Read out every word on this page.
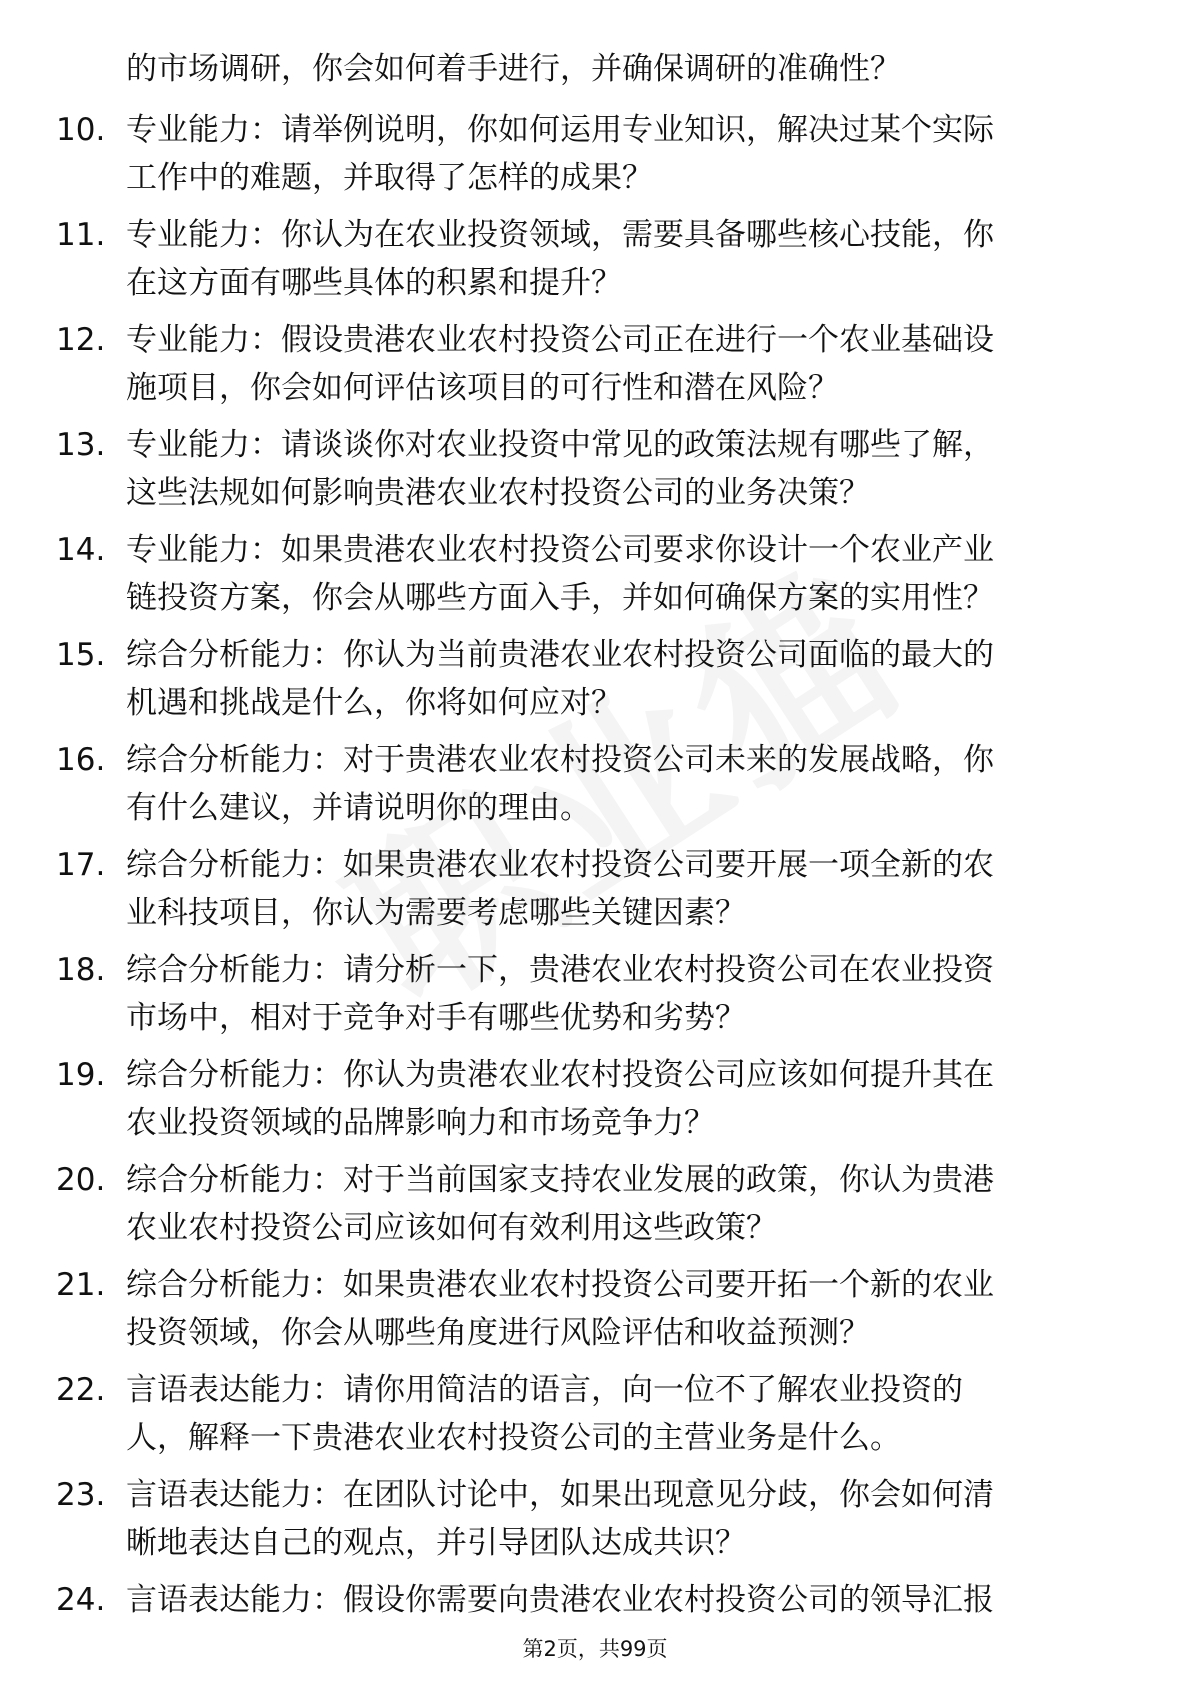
的市场调研，你会如何着手进行，并确保调研的准确性？
10. 专业能力：请举例说明，你如何运用专业知识，解决过某个实际
工作中的难题，并取得了怎样的成果？
11. 专业能力：你认为在农业投资领域，需要具备哪些核心技能，你
在这方面有哪些具体的积累和提升？
12. 专业能力：假设贵港农业农村投资公司正在进行一个农业基础设
施项目，你会如何评估该项目的可行性和潜在风险？
13. 专业能力：请谈谈你对农业投资中常见的政策法规有哪些了解，
这些法规如何影响贵港农业农村投资公司的业务决策？
14. 专业能力：如果贵港农业农村投资公司要求你设计一个农业产业
链投资方案，你会从哪些方面入手，并如何确保方案的实用性？
15. 综合分析能力：你认为当前贵港农业农村投资公司面临的最大的
机遇和挑战是什么，你将如何应对？
16. 综合分析能力：对于贵港农业农村投资公司未来的发展战略，你
有什么建议，并请说明你的理由。
17. 综合分析能力：如果贵港农业农村投资公司要开展一项全新的农
业科技项目，你认为需要考虑哪些关键因素？
18. 综合分析能力：请分析一下，贵港农业农村投资公司在农业投资
市场中，相对于竞争对手有哪些优势和劣势？
19. 综合分析能力：你认为贵港农业农村投资公司应该如何提升其在
农业投资领域的品牌影响力和市场竞争力？
20. 综合分析能力：对于当前国家支持农业发展的政策，你认为贵港
农业农村投资公司应该如何有效利用这些政策？
21. 综合分析能力：如果贵港农业农村投资公司要开拓一个新的农业
投资领域，你会从哪些角度进行风险评估和收益预测？
22. 言语表达能力：请你用简洁的语言，向一位不了解农业投资的
人，解释一下贵港农业农村投资公司的主营业务是什么。
23. 言语表达能力：在团队讨论中，如果出现意见分歧，你会如何清
晰地表达自己的观点，并引导团队达成共识？
24. 言语表达能力：假设你需要向贵港农业农村投资公司的领导汇报
第2页，共99页
